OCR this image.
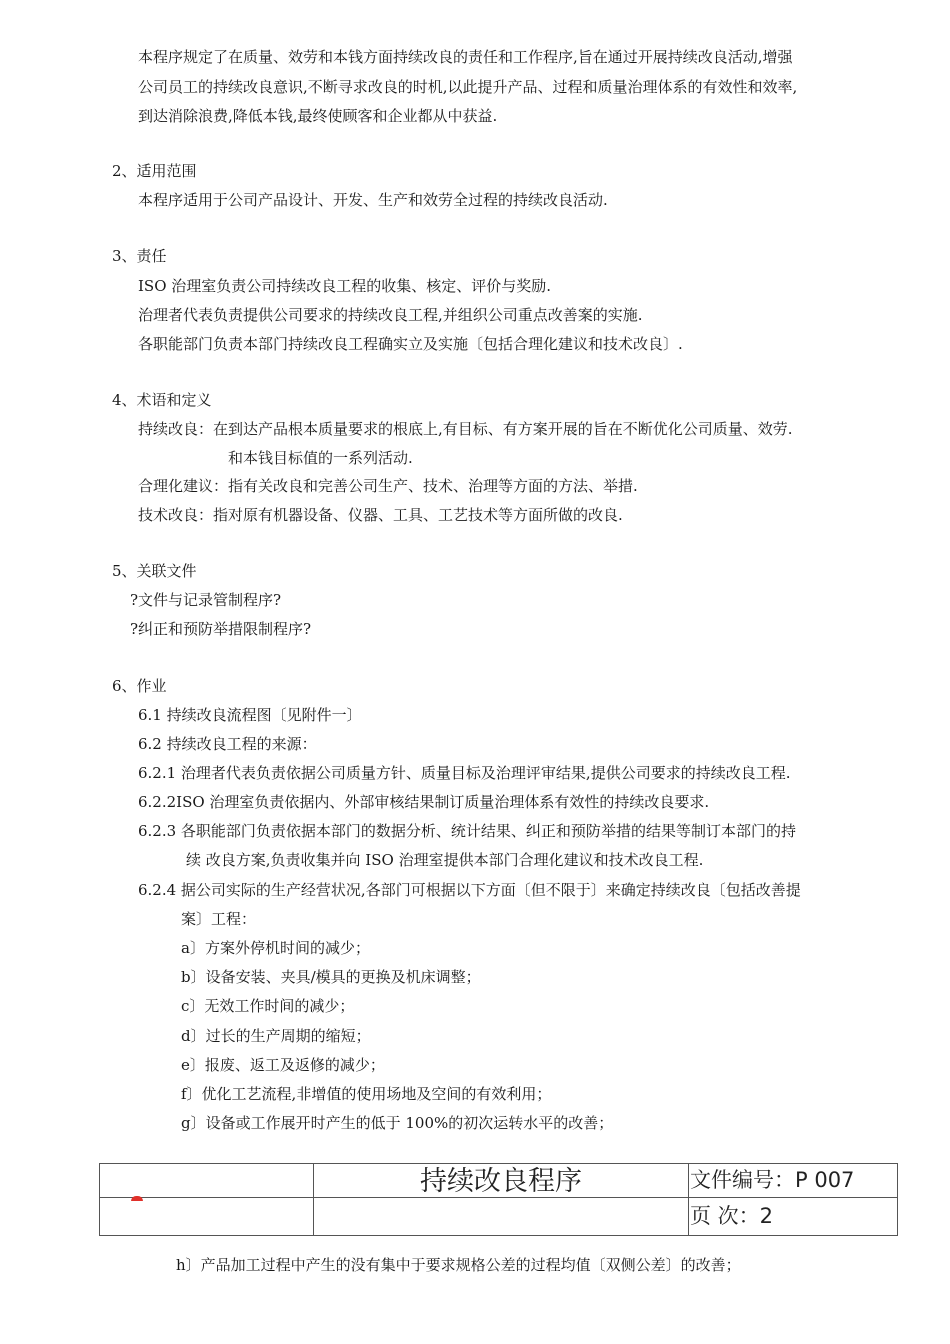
本程序规定了在质量、效劳和本钱方面持续改良的责任和工作程序,旨在通过开展持续改良活动,增强
公司员工的持续改良意识,不断寻求改良的时机,以此提升产品、过程和质量治理体系的有效性和效率,
到达消除浪费,降低本钱,最终使顾客和企业都从中获益.
2、适用范围
本程序适用于公司产品设计、开发、生产和效劳全过程的持续改良活动.
3、责任
ISO 治理室负责公司持续改良工程的收集、核定、评价与奖励.
治理者代表负责提供公司要求的持续改良工程,并组织公司重点改善案的实施.
各职能部门负责本部门持续改良工程确实立及实施〔包括合理化建议和技术改良〕.
4、术语和定义
持续改良：在到达产品根本质量要求的根底上,有目标、有方案开展的旨在不断优化公司质量、效劳.
和本钱目标值的一系列活动.
合理化建议：指有关改良和完善公司生产、技术、治理等方面的方法、举措.
技术改良：指对原有机器设备、仪器、工具、工艺技术等方面所做的改良.
5、关联文件
?文件与记录管制程序?
?纠正和预防举措限制程序?
6、作业
6.1 持续改良流程图〔见附件一〕
6.2 持续改良工程的来源：
6.2.1 治理者代表负责依据公司质量方针、质量目标及治理评审结果,提供公司要求的持续改良工程.
6.2.2ISO 治理室负责依据内、外部审核结果制订质量治理体系有效性的持续改良要求.
6.2.3 各职能部门负责依据本部门的数据分析、统计结果、纠正和预防举措的结果等制订本部门的持
续 改良方案,负责收集并向 ISO 治理室提供本部门合理化建议和技术改良工程.
6.2.4 据公司实际的生产经营状况,各部门可根据以下方面〔但不限于〕来确定持续改良〔包括改善提
案〕工程：
a〕方案外停机时间的减少；
b〕设备安装、夹具/模具的更换及机床调整；
c〕无效工作时间的减少；
d〕过长的生产周期的缩短；
e〕报废、返工及返修的减少；
f〕优化工艺流程,非增值的使用场地及空间的有效利用；
g〕设备或工作展开时产生的低于 100%的初次运转水平的改善；
持续改良程序	文件编号：P 007
页 次：2
h〕产品加工过程中产生的没有集中于要求规格公差的过程均值〔双侧公差〕的改善；
